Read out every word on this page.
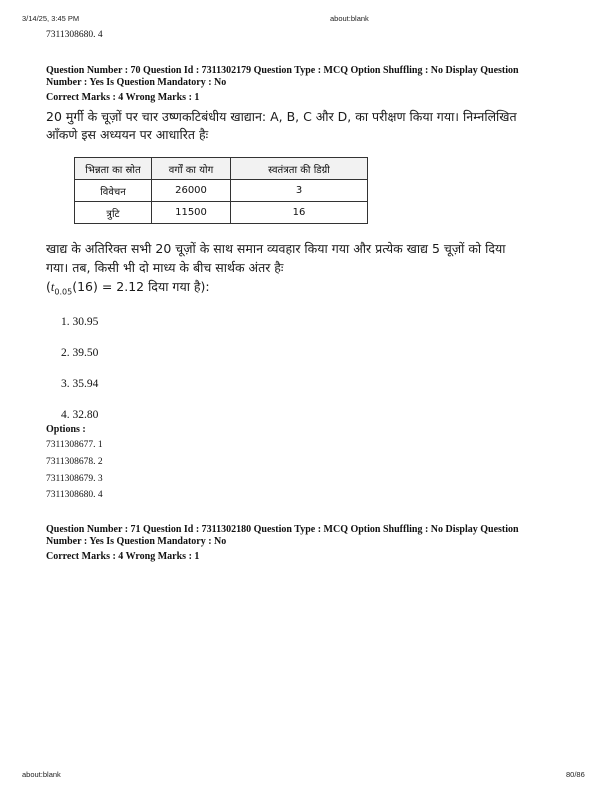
3/14/25, 3:45 PM	about:blank
7311308680. 4
Question Number : 70 Question Id : 7311302179 Question Type : MCQ Option Shuffling : No Display Question
Number : Yes Is Question Mandatory : No
Correct Marks : 4 Wrong Marks : 1
20 मुर्गी के चूज़ों पर चार उष्णकटिबंधीय खाद्यान: A, B, C और D, का परीक्षण किया गया। निम्नलिखित
आँकणे इस अध्ययन पर आधारित हैः
भिन्नता का स्रोत	वर्गों का योग	स्वतंत्रता की डिग्री
विवेचन	26000	3
त्रुटि	11500	16
खाद्य के अतिरिक्त सभी 20 चूज़ों के साथ समान व्यवहार किया गया और प्रत्येक खाद्य 5 चूज़ों को दिया
गया। तब, किसी भी दो माध्य के बीच सार्थक अंतर हैः
($t_{0.05}(16) = 2.12$ दिया गया है):
1. 30.95
2. 39.50
3. 35.94
4. 32.80
Options :
7311308677. 1
7311308678. 2
7311308679. 3
7311308680. 4
Question Number : 71 Question Id : 7311302180 Question Type : MCQ Option Shuffling : No Display Question
Number : Yes Is Question Mandatory : No
Correct Marks : 4 Wrong Marks : 1
about:blank	80/86
